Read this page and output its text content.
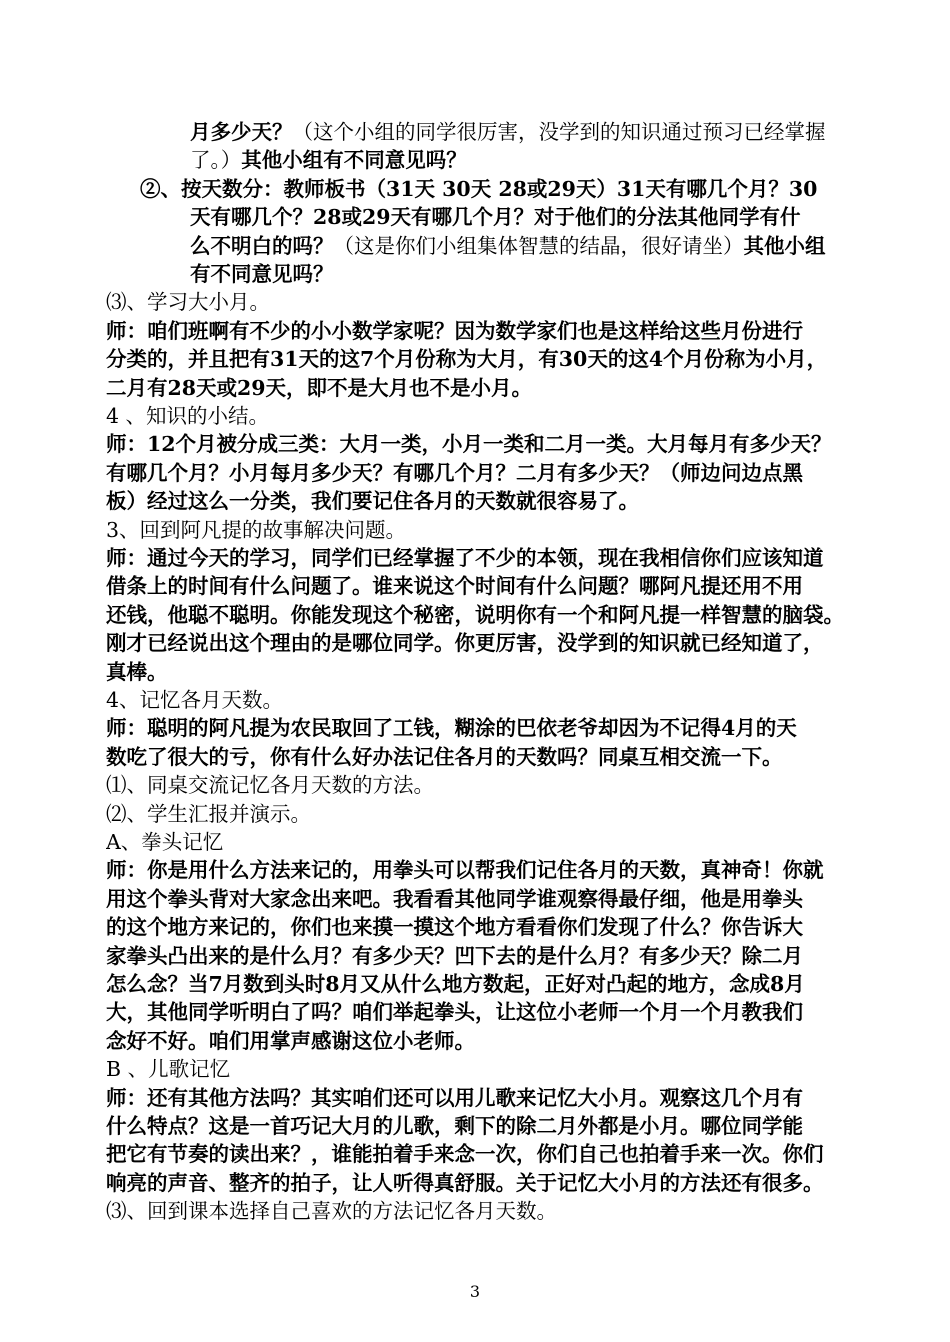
月多少天？（这个小组的同学很厉害，没学到的知识通过预习已经掌握
了。）其他小组有不同意见吗？
②、按天数分：教师板书（31天 30天 28或29天）31天有哪几个月？30
天有哪几个？28或29天有哪几个月？对于他们的分法其他同学有什
么不明白的吗？（这是你们小组集体智慧的结晶，很好请坐）其他小组
有不同意见吗？
⑶、学习大小月。
师：咱们班啊有不少的小小数学家呢？因为数学家们也是这样给这些月份进行
分类的，并且把有31天的这7个月份称为大月，有30天的这4个月份称为小月，
二月有28天或29天，即不是大月也不是小月。
4 、知识的小结。
师：12个月被分成三类：大月一类，小月一类和二月一类。大月每月有多少天？
有哪几个月？小月每月多少天？有哪几个月？二月有多少天？（师边问边点黑
板）经过这么一分类，我们要记住各月的天数就很容易了。
3、回到阿凡提的故事解决问题。
师：通过今天的学习，同学们已经掌握了不少的本领，现在我相信你们应该知道
借条上的时间有什么问题了。谁来说这个时间有什么问题？哪阿凡提还用不用
还钱，他聪不聪明。你能发现这个秘密，说明你有一个和阿凡提一样智慧的脑袋。
刚才已经说出这个理由的是哪位同学。你更厉害，没学到的知识就已经知道了，
真棒。
4、记忆各月天数。
师：聪明的阿凡提为农民取回了工钱，糊涂的巴依老爷却因为不记得4月的天
数吃了很大的亏，你有什么好办法记住各月的天数吗？同桌互相交流一下。
⑴、同桌交流记忆各月天数的方法。
⑵、学生汇报并演示。
A、拳头记忆
师：你是用什么方法来记的，用拳头可以帮我们记住各月的天数，真神奇！你就
用这个拳头背对大家念出来吧。我看看其他同学谁观察得最仔细，他是用拳头
的这个地方来记的，你们也来摸一摸这个地方看看你们发现了什么？你告诉大
家拳头凸出来的是什么月？有多少天？凹下去的是什么月？有多少天？除二月
怎么念？当7月数到头时8月又从什么地方数起，正好对凸起的地方，念成8月
大，其他同学听明白了吗？咱们举起拳头，让这位小老师一个月一个月教我们
念好不好。咱们用掌声感谢这位小老师。
B 、儿歌记忆
师：还有其他方法吗？其实咱们还可以用儿歌来记忆大小月。观察这几个月有
什么特点？这是一首巧记大月的儿歌，剩下的除二月外都是小月。哪位同学能
把它有节奏的读出来？，谁能拍着手来念一次，你们自己也拍着手来一次。你们
响亮的声音、整齐的拍子，让人听得真舒服。关于记忆大小月的方法还有很多。
⑶、回到课本选择自己喜欢的方法记忆各月天数。
3
